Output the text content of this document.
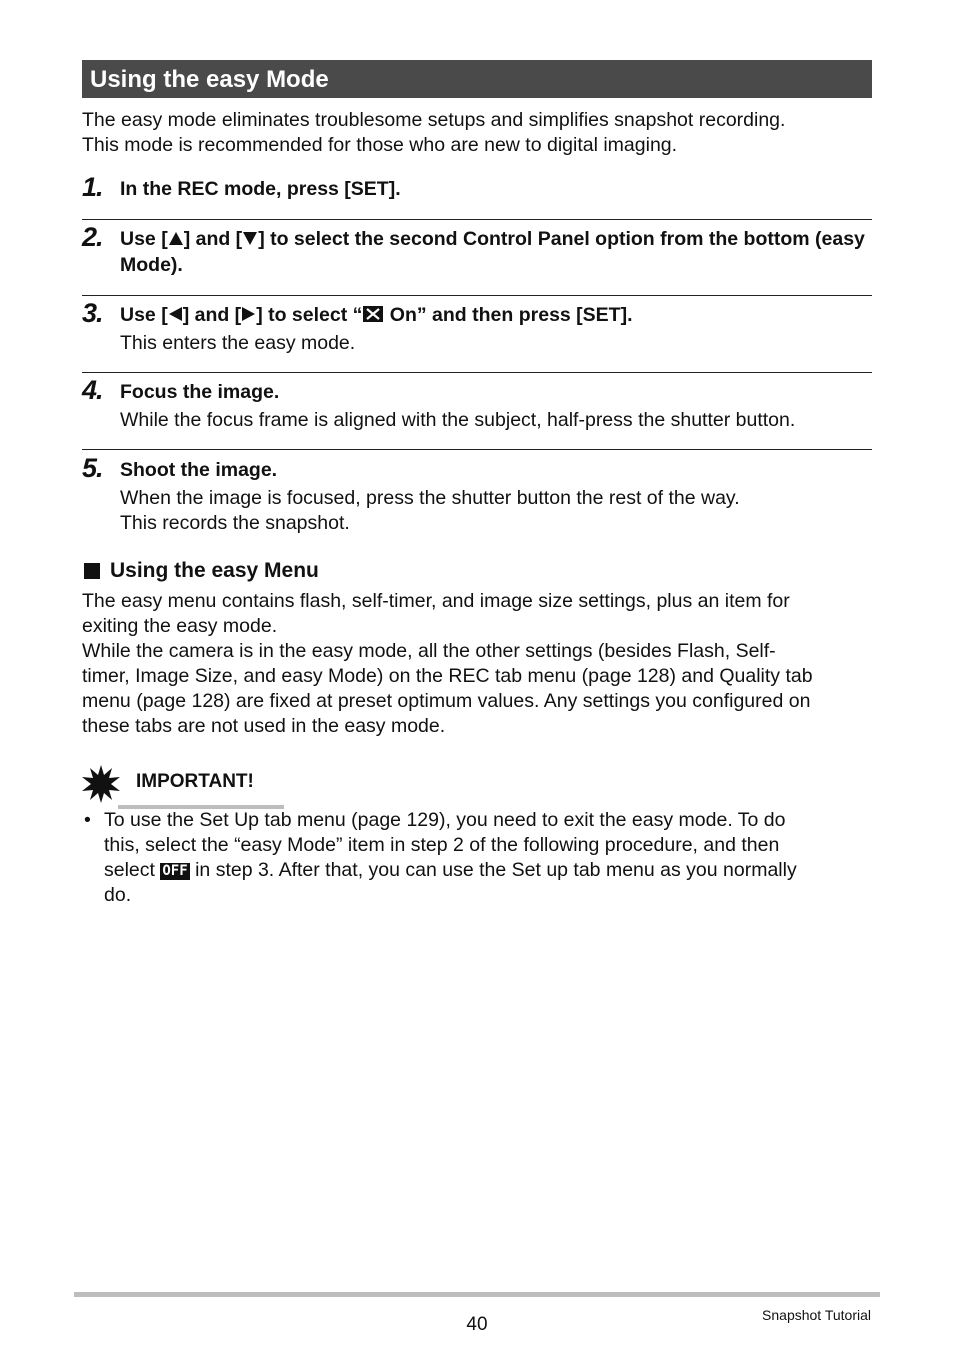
Using the easy Mode
The easy mode eliminates troublesome setups and simplifies snapshot recording.
This mode is recommended for those who are new to digital imaging.
1. In the REC mode, press [SET].
2. Use [ ] and [ ] to select the second Control Panel option from the bottom (easy Mode).
3. Use [ ] and [ ] to select “ On” and then press [SET].
This enters the easy mode.
4. Focus the image.
While the focus frame is aligned with the subject, half-press the shutter button.
5. Shoot the image.
When the image is focused, press the shutter button the rest of the way.
This records the snapshot.
Using the easy Menu
The easy menu contains flash, self-timer, and image size settings, plus an item for
exiting the easy mode.
While the camera is in the easy mode, all the other settings (besides Flash, Self-
timer, Image Size, and easy Mode) on the REC tab menu (page 128) and Quality tab
menu (page 128) are fixed at preset optimum values. Any settings you configured on
these tabs are not used in the easy mode.
IMPORTANT!
• To use the Set Up tab menu (page 129), you need to exit the easy mode. To do
this, select the “easy Mode” item in step 2 of the following procedure, and then
select OFF in step 3. After that, you can use the Set up tab menu as you normally
do.
40	Snapshot Tutorial
